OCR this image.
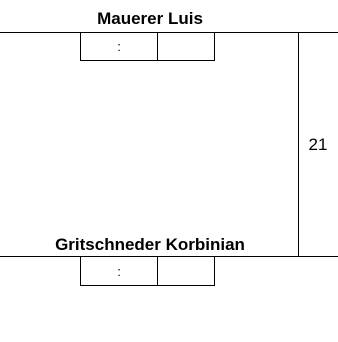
Mauerer Luis
21
:
Gritschneder Korbinian
:
